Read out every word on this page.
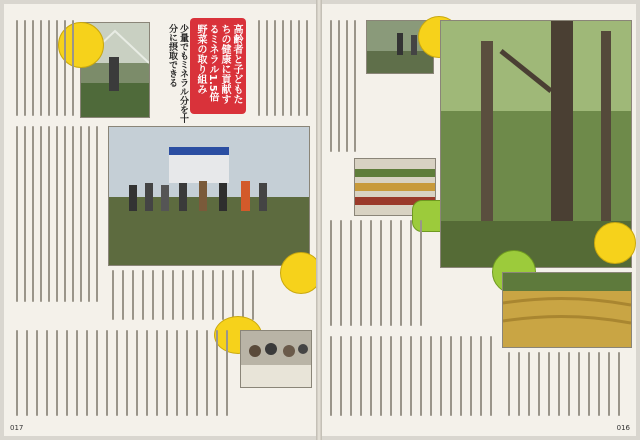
少量でもミネラル分を十分に摂取できる	高齢者と子どもたちの健康に貢献するミネラル1.5倍野菜の取り組み
017	016
